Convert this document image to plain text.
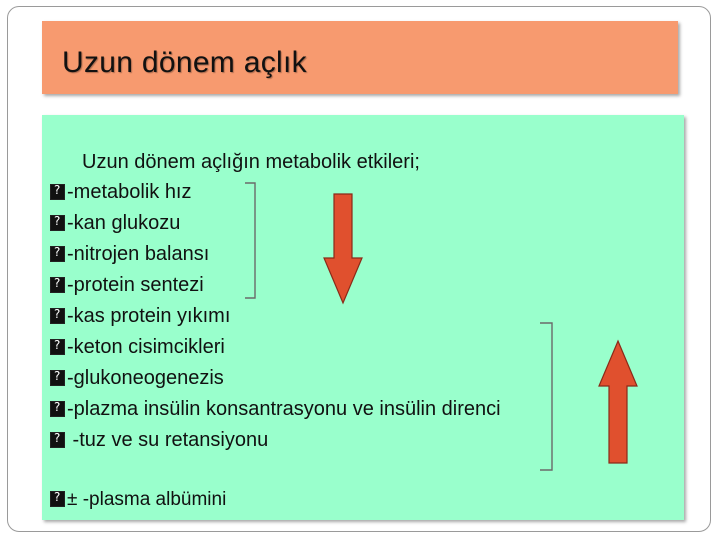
Uzun dönem açlık
Uzun dönem açlığın metabolik etkileri;
?-metabolik hız
?-kan glukozu
?-nitrojen balansı
?-protein sentezi
?-kas protein yıkımı
?-keton cisimcikleri
?-glukoneogenezis
?-plazma insülin konsantrasyonu ve insülin direnci
? -tuz ve su retansiyonu
?± -plasma albümini
